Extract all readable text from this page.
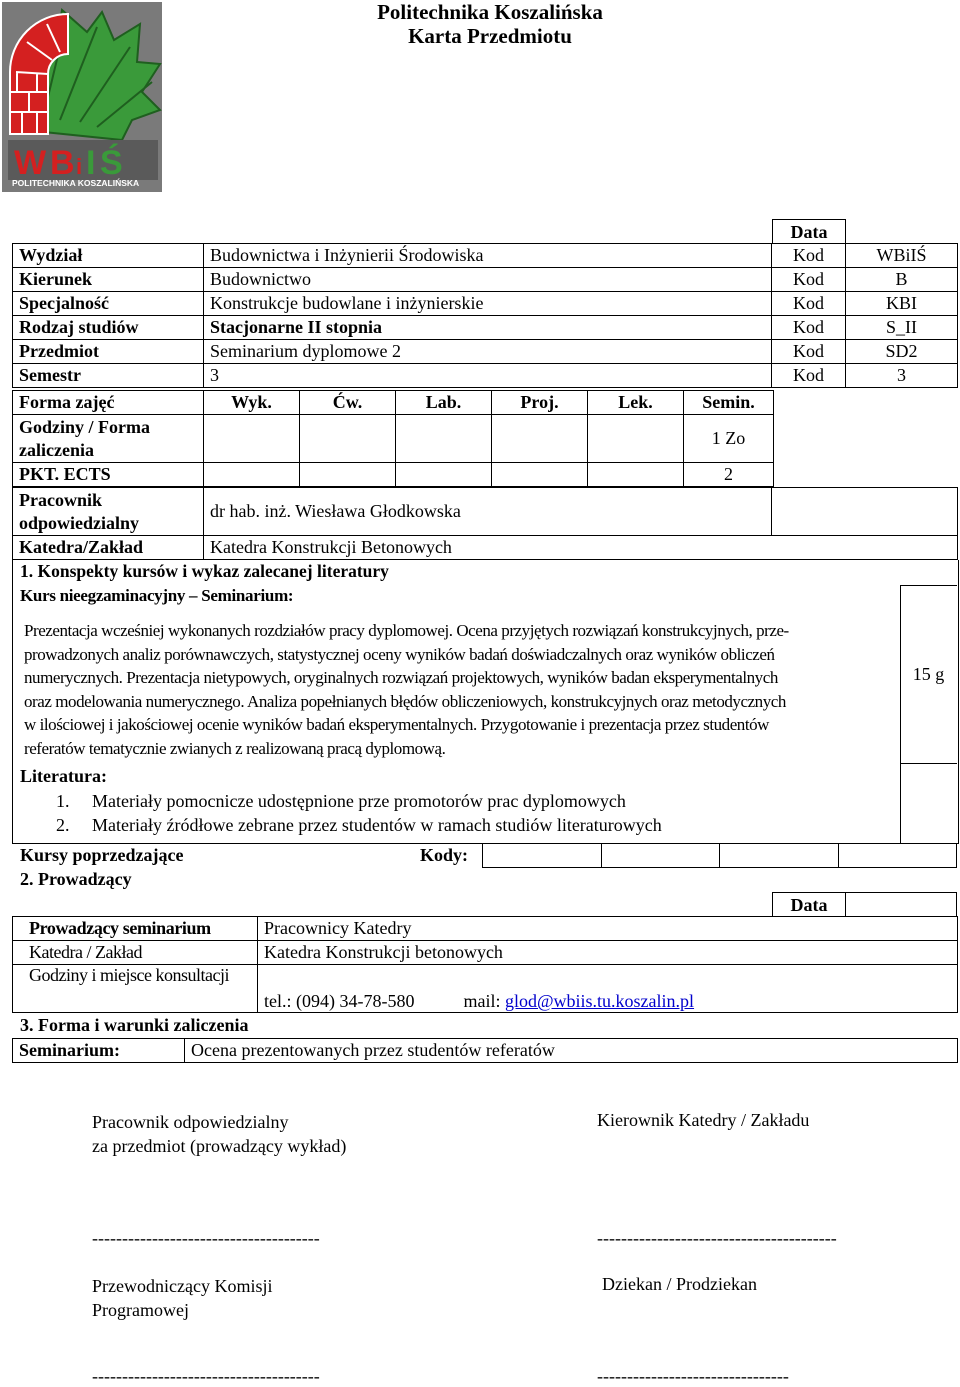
Politechnika Koszalińska
Karta Przedmiotu
W B i I Ś
POLITECHNIKA KOSZALIŃSKA
Data
Wydział	Budownictwa i Inżynierii Środowiska	Kod	WBiIŚ
Kierunek	Budownictwo	Kod	B
Specjalność	Konstrukcje budowlane i inżynierskie	Kod	KBI
Rodzaj studiów	Stacjonarne II stopnia	Kod	S_II
Przedmiot	Seminarium dyplomowe 2	Kod	SD2
Semestr	3	Kod	3
Forma zajęć	Wyk.	Ćw.	Lab.	Proj.	Lek.	Semin.
Godziny / Forma zaliczenia						1 Zo
PKT. ECTS						2
Pracownik odpowiedzialny	dr hab. inż. Wiesława Głodkowska	
Katedra/Zakład	Katedra Konstrukcji Betonowych	
1. Konspekty kursów i wykaz zalecanej literatury
Kurs nieegzaminacyjny – Seminarium:
Prezentacja wcześniej wykonanych rozdziałów pracy dyplomowej. Ocena przyjętych rozwiązań konstrukcyjnych, prze-
prowadzonych analiz porównawczych, statystycznej oceny wyników badań doświadczalnych oraz wyników obliczeń
numerycznych. Prezentacja nietypowych, oryginalnych rozwiązań projektowych, wyników badan eksperymentalnych
oraz modelowania numerycznego. Analiza popełnianych błędów obliczeniowych, konstrukcyjnych oraz metodycznych
w ilościowej i jakościowej ocenie wyników badań eksperymentalnych. Przygotowanie i prezentacja przez studentów
referatów tematycznie zwianych z realizowaną pracą dyplomową.
15 g
Literatura:
1. Materiały pomocnicze udostępnione prze promotorów prac dyplomowych
2. Materiały źródłowe zebrane przez studentów w ramach studiów literaturowych
Kursy poprzedzające	Kody:

2. Prowadzący
Data
Prowadzący seminarium	Pracownicy Katedry
Katedra / Zakład	Katedra Konstrukcji betonowych
Godziny i miejsce konsultacji	tel.: (094) 34-78-580 mail: glod@wbiis.tu.koszalin.pl
3. Forma i warunki zaliczenia
Seminarium:	Ocena prezentowanych przez studentów referatów
Pracownik odpowiedzialny
za przedmiot (prowadzący wykład)
Kierownik Katedry / Zakładu
--------------------------------------	----------------------------------------
Przewodniczący Komisji
Programowej
Dziekan / Prodziekan
--------------------------------------	--------------------------------
